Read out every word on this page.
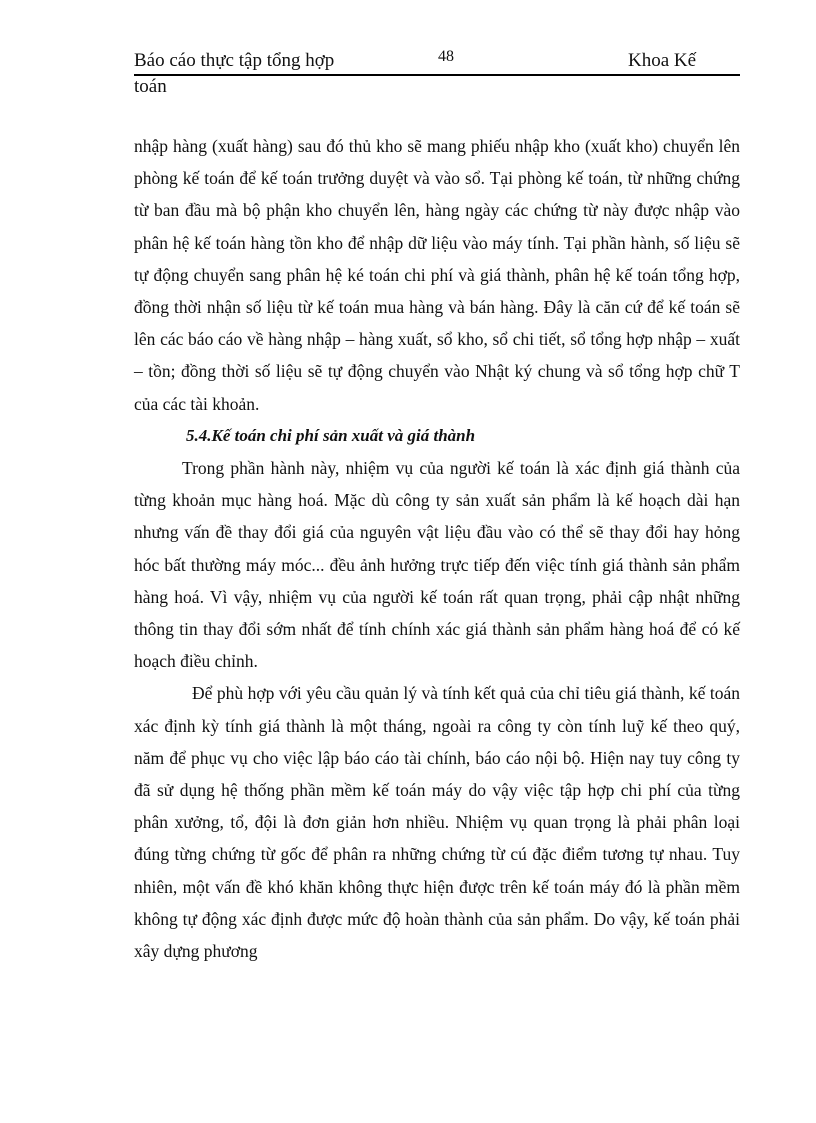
Báo cáo thực tập tổng hợp	48	Khoa Kế
toán

nhập hàng (xuất hàng) sau đó thủ kho sẽ mang phiếu nhập kho (xuất kho) chuyển lên phòng kế toán để kế toán trưởng duyệt và vào sổ. Tại phòng kế toán, từ những chứng từ ban đầu mà bộ phận kho chuyển lên, hàng ngày các chứng từ này được nhập vào phân hệ kế toán hàng tồn kho để nhập dữ liệu vào máy tính. Tại phần hành, số liệu sẽ tự động chuyển sang phân hệ ké toán chi phí và giá thành, phân hệ kế toán tổng hợp, đồng thời nhận số liệu từ kế toán mua hàng và bán hàng. Đây là căn cứ để kế toán sẽ lên các báo cáo về hàng nhập – hàng xuất, sổ kho, sổ chi tiết, sổ tổng hợp nhập – xuất – tồn; đồng thời số liệu sẽ tự động chuyển vào Nhật ký chung và sổ tổng hợp chữ T của các tài khoản.

5.4.Kế toán chi phí sản xuất và giá thành

Trong phần hành này, nhiệm vụ của người kế toán là xác định giá thành của từng khoản mục hàng hoá. Mặc dù công ty sản xuất sản phẩm là kế hoạch dài hạn nhưng vấn đề thay đổi giá của nguyên vật liệu đầu vào có thể sẽ thay đổi hay hỏng hóc bất thường máy móc... đều ảnh hưởng trực tiếp đến việc tính giá thành sản phẩm hàng hoá. Vì vậy, nhiệm vụ của người kế toán rất quan trọng, phải cập nhật những thông tin thay đổi sớm nhất để tính chính xác giá thành sản phẩm hàng hoá để có kế hoạch điều chỉnh.

Để phù hợp với yêu cầu quản lý và tính kết quả của chỉ tiêu giá thành, kế toán xác định kỳ tính giá thành là một tháng, ngoài ra công ty còn tính luỹ kế theo quý, năm để phục vụ cho việc lập báo cáo tài chính, báo cáo nội bộ. Hiện nay tuy công ty đã sử dụng hệ thống phần mềm kế toán máy do vậy việc tập hợp chi phí của từng phân xưởng, tổ, đội là đơn giản hơn nhiều. Nhiệm vụ quan trọng là phải phân loại đúng từng chứng từ gốc để phân ra những chứng từ cú đặc điểm tương tự nhau. Tuy nhiên, một vấn đề khó khăn không thực hiện được trên kế toán máy đó là phần mềm không tự động xác định được mức độ hoàn thành của sản phẩm. Do vậy, kế toán phải xây dựng phương
